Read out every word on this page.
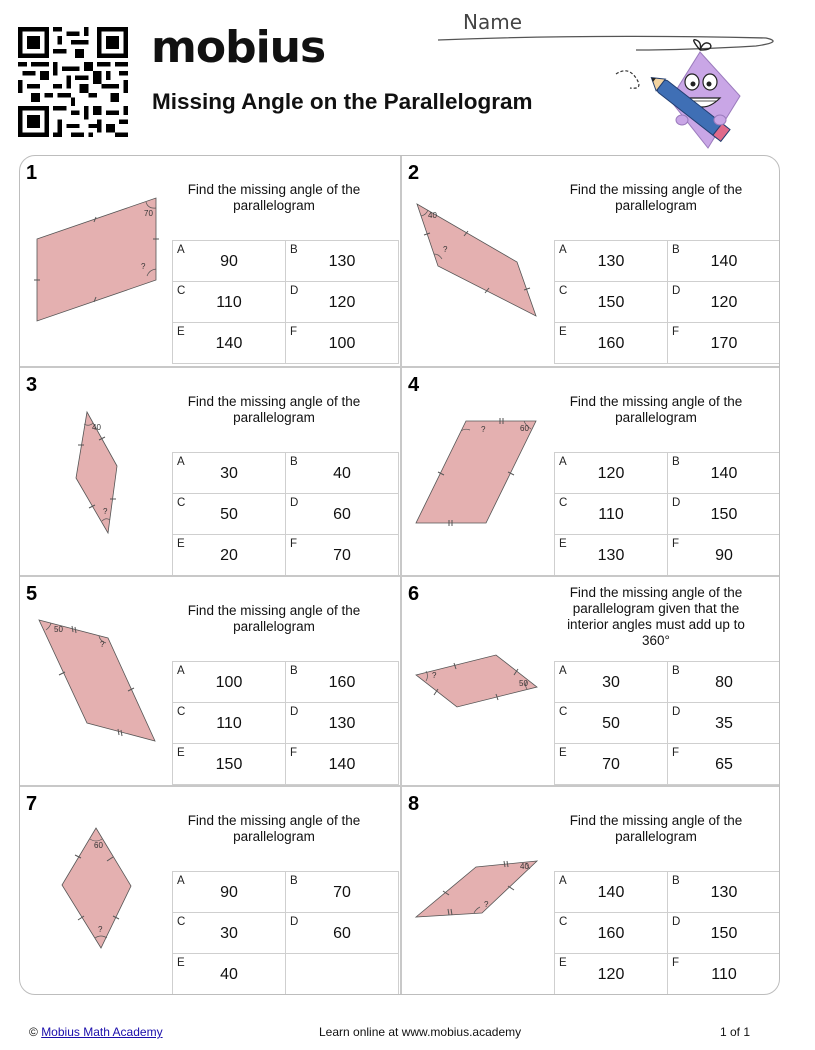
mobius
Missing Angle on the Parallelogram
Name
1
70
?
Find the missing angle of the parallelogram
A
90
B
130
C
110
D
120
E
140
F
100
2
40
?
Find the missing angle of the parallelogram
A
130
B
140
C
150
D
120
E
160
F
170
3
40
?
Find the missing angle of the parallelogram
A
30
B
40
C
50
D
60
E
20
F
70
4
60
?
Find the missing angle of the parallelogram
A
120
B
140
C
110
D
150
E
130
F
90
5
50
?
Find the missing angle of the parallelogram
A
100
B
160
C
110
D
130
E
150
F
140
6
50
?
Find the missing angle of the parallelogram given that the interior angles must add up to 360°
A
30
B
80
C
50
D
35
E
70
F
65
7
60
?
Find the missing angle of the parallelogram
A
90
B
70
C
30
D
60
E
40
8
40
?
Find the missing angle of the parallelogram
A
140
B
130
C
160
D
150
E
120
F
110
© Mobius Math Academy	Learn online at www.mobius.academy	1 of 1
